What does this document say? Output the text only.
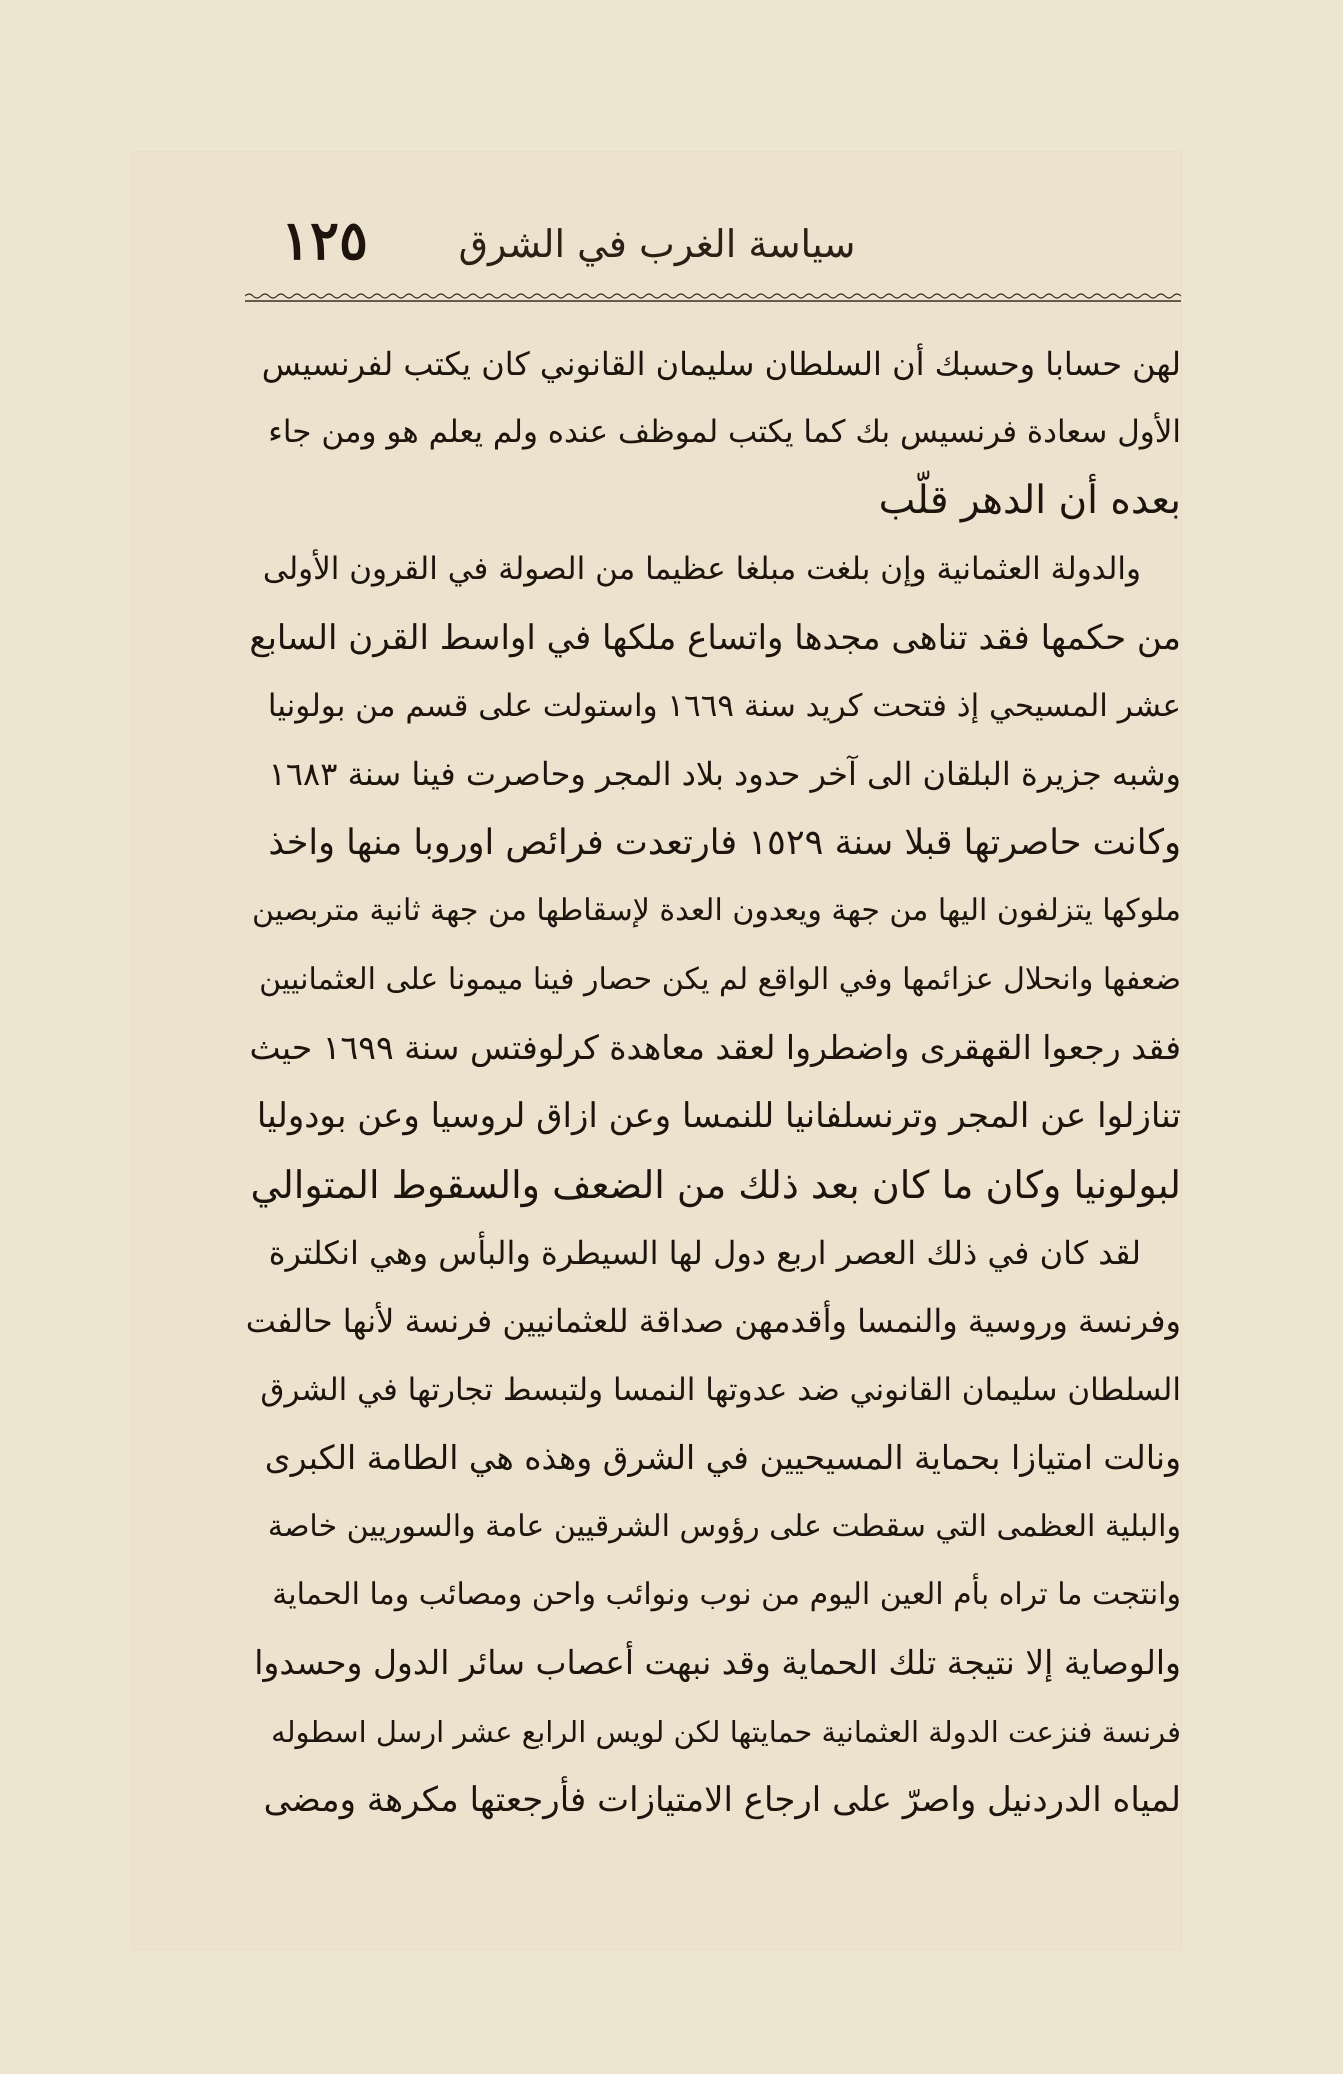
سياسة الغرب في الشرق
١٢٥
لهن حسابا وحسبك أن السلطان سليمان القانوني كان يكتب لفرنسيس
الأول سعادة فرنسيس بك كما يكتب لموظف عنده ولم يعلم هو ومن جاء
بعده أن الدهر قلّب
والدولة العثمانية وإن بلغت مبلغا عظيما من الصولة في القرون الأولى
من حكمها فقد تناهى مجدها واتساع ملكها في اواسط القرن السابع
عشر المسيحي إذ فتحت كريد سنة ١٦٦٩ واستولت على قسم من بولونيا
وشبه جزيرة البلقان الى آخر حدود بلاد المجر وحاصرت فينا سنة ١٦٨٣
وكانت حاصرتها قبلا سنة ١٥٢٩ فارتعدت فرائص اوروبا منها واخذ
ملوكها يتزلفون اليها من جهة ويعدون العدة لإسقاطها من جهة ثانية متربصين
ضعفها وانحلال عزائمها وفي الواقع لم يكن حصار فينا ميمونا على العثمانيين
فقد رجعوا القهقرى واضطروا لعقد معاهدة كرلوفتس سنة ١٦٩٩ حيث
تنازلوا عن المجر وترنسلفانيا للنمسا وعن ازاق لروسيا وعن بودوليا
لبولونيا وكان ما كان بعد ذلك من الضعف والسقوط المتوالي
لقد كان في ذلك العصر اربع دول لها السيطرة والبأس وهي انكلترة
وفرنسة وروسية والنمسا وأقدمهن صداقة للعثمانيين فرنسة لأنها حالفت
السلطان سليمان القانوني ضد عدوتها النمسا ولتبسط تجارتها في الشرق
ونالت امتيازا بحماية المسيحيين في الشرق وهذه هي الطامة الكبرى
والبلية العظمى التي سقطت على رؤوس الشرقيين عامة والسوريين خاصة
وانتجت ما تراه بأم العين اليوم من نوب ونوائب واحن ومصائب وما الحماية
والوصاية إلا نتيجة تلك الحماية وقد نبهت أعصاب سائر الدول وحسدوا
فرنسة فنزعت الدولة العثمانية حمايتها لكن لويس الرابع عشر ارسل اسطوله
لمياه الدردنيل واصرّ على ارجاع الامتيازات فأرجعتها مكرهة ومضى
